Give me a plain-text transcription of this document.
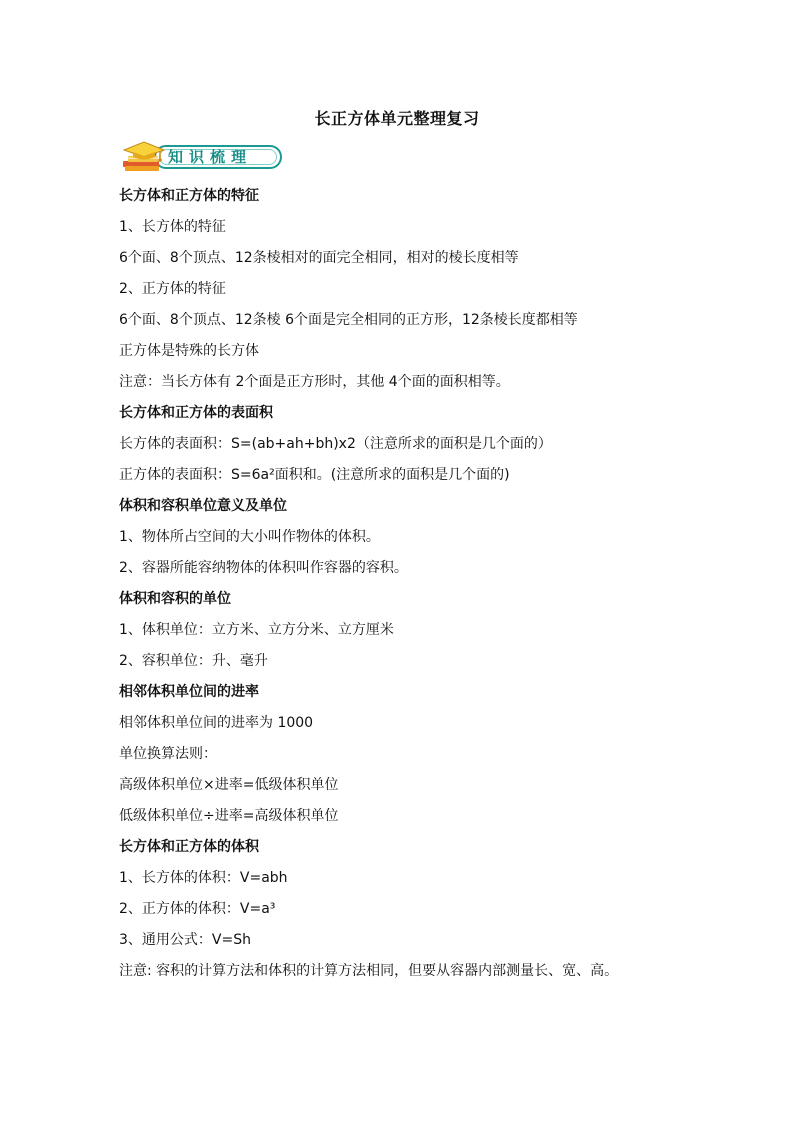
长正方体单元整理复习
知识梳理
长方体和正方体的特征
1、长方体的特征
6个面、8个顶点、12条棱相对的面完全相同，相对的棱长度相等
2、正方体的特征
6个面、8个顶点、12条棱 6个面是完全相同的正方形，12条棱长度都相等
正方体是特殊的长方体
注意：当长方体有 2个面是正方形时，其他 4个面的面积相等。
长方体和正方体的表面积
长方体的表面积：S=(ab+ah+bh)x2（注意所求的面积是几个面的）
正方体的表面积：S=6a²面积和。(注意所求的面积是几个面的)
体积和容积单位意义及单位
1、物体所占空间的大小叫作物体的体积。
2、容器所能容纳物体的体积叫作容器的容积。
体积和容积的单位
1、体积单位：立方米、立方分米、立方厘米
2、容积单位：升、毫升
相邻体积单位间的进率
相邻体积单位间的进率为 1000
单位换算法则：
高级体积单位×进率=低级体积单位
低级体积单位÷进率=高级体积单位
长方体和正方体的体积
1、长方体的体积：V=abh
2、正方体的体积：V=a³
3、通用公式：V=Sh
注意: 容积的计算方法和体积的计算方法相同，但要从容器内部测量长、宽、高。
